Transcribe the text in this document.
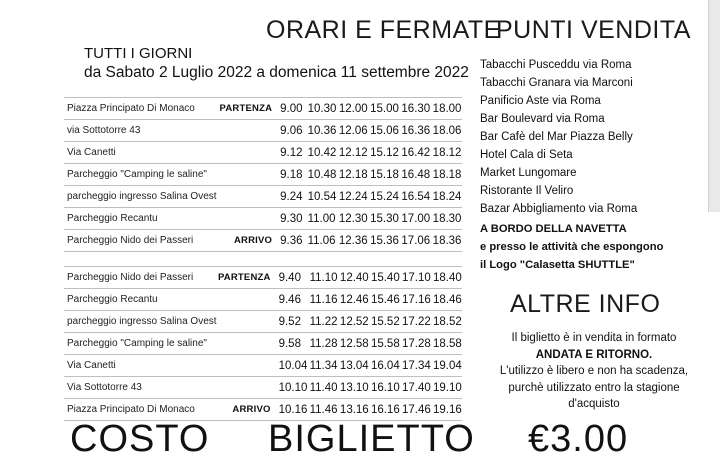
ORARI E FERMATE
PUNTI VENDITA
TUTTI I GIORNI
da Sabato 2 Luglio 2022 a domenica 11 settembre 2022
Piazza Principato Di Monaco	PARTENZA	9.00	10.30	12.00	15.00	16.30	18.00
via Sottotorre 43		9.06	10.36	12.06	15.06	16.36	18.06
Via Canetti		9.12	10.42	12.12	15.12	16.42	18.12
Parcheggio "Camping le saline"		9.18	10.48	12.18	15.18	16.48	18.18
parcheggio ingresso Salina Ovest		9.24	10.54	12.24	15.24	16.54	18.24
Parcheggio Recantu		9.30	11.00	12.30	15.30	17.00	18.30
Parcheggio Nido dei Passeri	ARRIVO	9.36	11.06	12.36	15.36	17.06	18.36
Parcheggio Nido dei Passeri	PARTENZA	9.40	11.10	12.40	15.40	17.10	18.40
Parcheggio Recantu		9.46	11.16	12.46	15.46	17.16	18.46
parcheggio ingresso Salina Ovest		9.52	11.22	12.52	15.52	17.22	18.52
Parcheggio "Camping le saline"		9.58	11.28	12.58	15.58	17.28	18.58
Via Canetti		10.04	11.34	13.04	16.04	17.34	19.04
Via Sottotorre 43		10.10	11.40	13.10	16.10	17.40	19.10
Piazza Principato Di Monaco	ARRIVO	10.16	11.46	13.16	16.16	17.46	19.16
Tabacchi Pusceddu via Roma
Tabacchi Granara via Marconi
Panificio Aste via Roma
Bar Boulevard via Roma
Bar Cafè del Mar Piazza Belly
Hotel Cala di Seta
Market Lungomare
Ristorante Il Veliro
Bazar Abbigliamento via Roma
A BORDO DELLA NAVETTA
e presso le attività che espongono
il Logo "Calasetta SHUTTLE"
ALTRE INFO
Il biglietto è in vendita in formato
ANDATA E RITORNO.
L'utilizzo è libero e non ha scadenza,
purchè utilizzato entro la stagione
d'acquisto
COSTO BIGLIETTO €3.00
